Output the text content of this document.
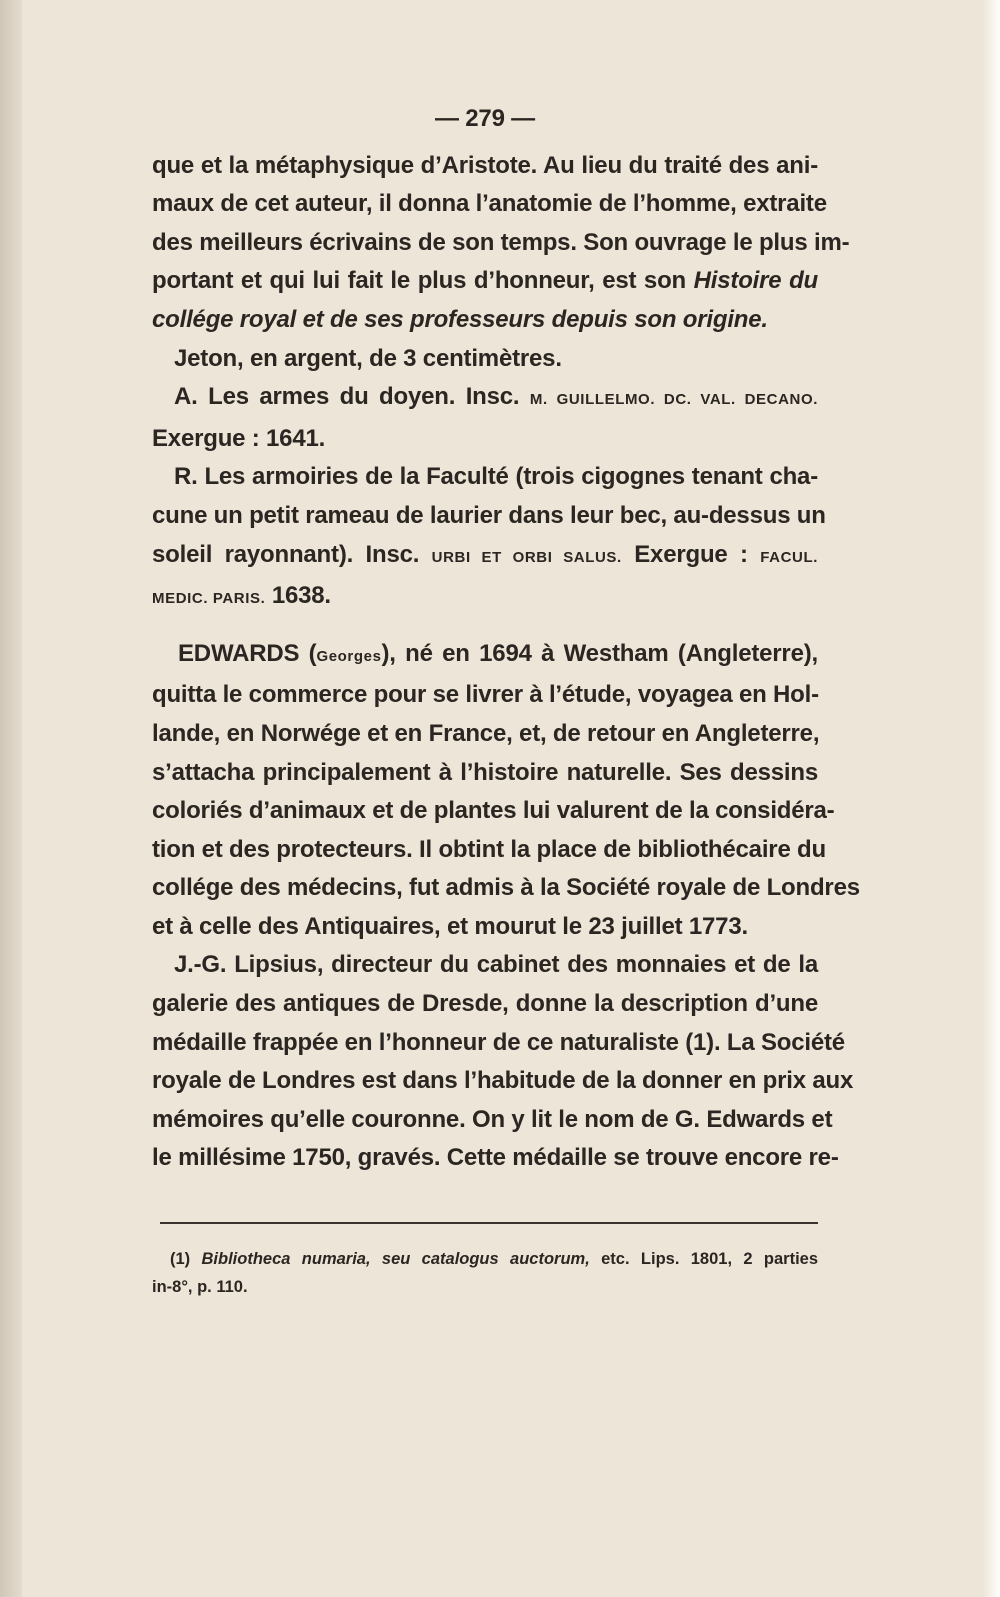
— 279 —
que et la métaphysique d’Aristote. Au lieu du traité des ani-
maux de cet auteur, il donna l’anatomie de l’homme, extraite
des meilleurs écrivains de son temps. Son ouvrage le plus im-
portant et qui lui fait le plus d’honneur, est son Histoire du
collége royal et de ses professeurs depuis son origine.
Jeton, en argent, de 3 centimètres.
A. Les armes du doyen. Insc. M. GUILLELMO. DC. VAL. DECANO.
Exergue : 1641.
R. Les armoiries de la Faculté (trois cigognes tenant cha-
cune un petit rameau de laurier dans leur bec, au-dessus un
soleil rayonnant). Insc. URBI ET ORBI SALUS. Exergue : FACUL.
MEDIC. PARIS. 1638.
EDWARDS (Georges), né en 1694 à Westham (Angleterre),
quitta le commerce pour se livrer à l’étude, voyagea en Hol-
lande, en Norwége et en France, et, de retour en Angleterre,
s’attacha principalement à l’histoire naturelle. Ses dessins
coloriés d’animaux et de plantes lui valurent de la considéra-
tion et des protecteurs. Il obtint la place de bibliothécaire du
collége des médecins, fut admis à la Société royale de Londres
et à celle des Antiquaires, et mourut le 23 juillet 1773.
J.-G. Lipsius, directeur du cabinet des monnaies et de la
galerie des antiques de Dresde, donne la description d’une
médaille frappée en l’honneur de ce naturaliste (1). La Société
royale de Londres est dans l’habitude de la donner en prix aux
mémoires qu’elle couronne. On y lit le nom de G. Edwards et
le millésime 1750, gravés. Cette médaille se trouve encore re-
(1) Bibliotheca numaria, seu catalogus auctorum, etc. Lips. 1801, 2 parties
in-8°, p. 110.
